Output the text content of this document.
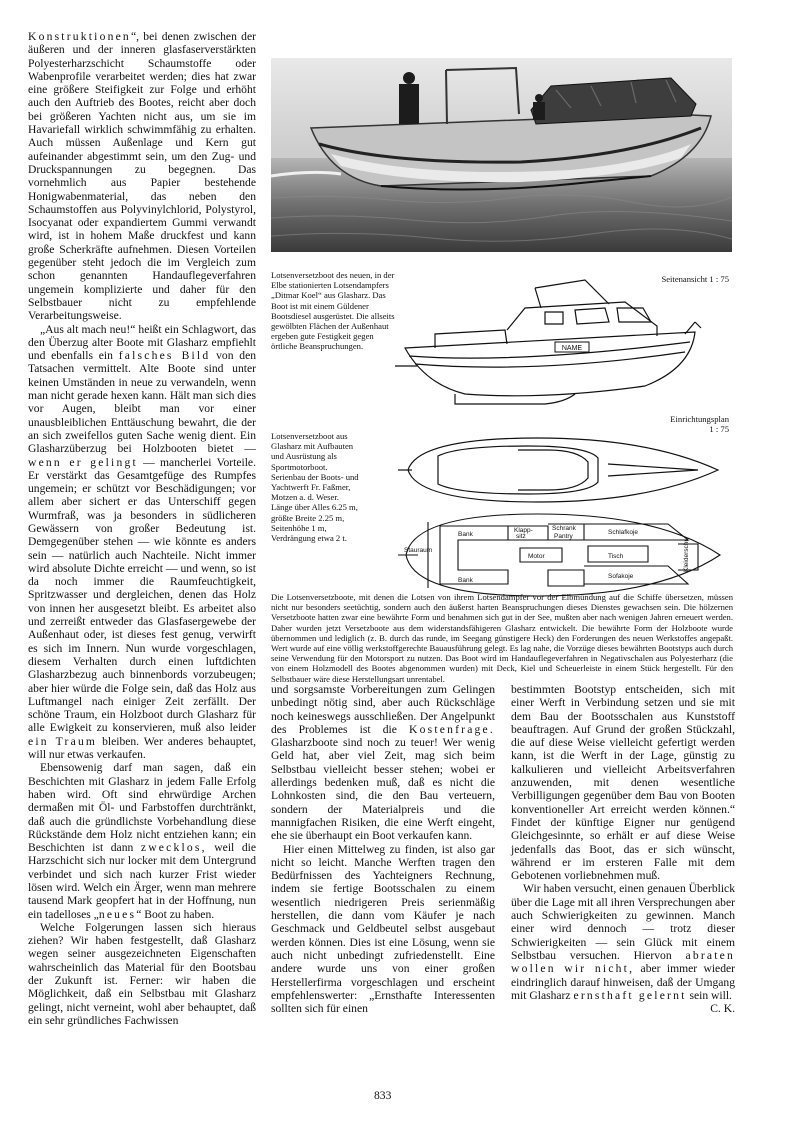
Konstruktionen“, bei denen zwischen der äußeren und der inneren glasfaserverstärkten Polyesterharzschicht Schaumstoffe oder Wabenprofile verarbeitet werden; dies hat zwar eine größere Steifigkeit zur Folge und erhöht auch den Auftrieb des Bootes, reicht aber doch bei größeren Yachten nicht aus, um sie im Havariefall wirklich schwimmfähig zu erhalten. Auch müssen Außenlage und Kern gut aufeinander abgestimmt sein, um den Zug- und Druckspannungen zu begegnen. Das vornehmlich aus Papier bestehende Honigwabenmaterial, das neben den Schaumstoffen aus Polyvinylchlorid, Polystyrol, Isocyanat oder expandiertem Gummi verwandt wird, ist in hohem Maße druckfest und kann große Scherkräfte aufnehmen. Diesen Vorteilen gegenüber steht jedoch die im Vergleich zum schon genannten Handauflegeverfahren ungemein komplizierte und daher für den Selbstbauer nicht zu empfehlende Verarbeitungsweise.

„Aus alt mach neu!“ heißt ein Schlagwort, das den Überzug alter Boote mit Glasharz empfiehlt und ebenfalls ein falsches Bild von den Tatsachen vermittelt. Alte Boote sind unter keinen Umständen in neue zu verwandeln, wenn man nicht gerade hexen kann. Hält man sich dies vor Augen, bleibt man vor einer unausbleiblichen Enttäuschung bewahrt, die der an sich zweifellos guten Sache wenig dient. Ein Glasharzüberzug bei Holzbooten bietet — wenn er gelingt — mancherlei Vorteile. Er verstärkt das Gesamtgefüge des Rumpfes ungemein; er schützt vor Beschädigungen; vor allem aber sichert er das Unterschiff gegen Wurmfraß, was ja besonders in südlicheren Gewässern von großer Bedeutung ist. Demgegenüber stehen — wie könnte es anders sein — natürlich auch Nachteile. Nicht immer wird absolute Dichte erreicht — und wenn, so ist da noch immer die Raumfeuchtigkeit, Spritzwasser und dergleichen, denen das Holz von innen her ausgesetzt bleibt. Es arbeitet also und zerreißt entweder das Glasfasergewebe der Außenhaut oder, ist dieses fest genug, verwirft es sich im Innern. Nun wurde vorgeschlagen, diesem Verhalten durch einen luftdichten Glasharzbezug auch binnenbords vorzubeugen; aber hier würde die Folge sein, daß das Holz aus Luftmangel nach einiger Zeit zerfällt. Der schöne Traum, ein Holzboot durch Glasharz für alle Ewigkeit zu konservieren, muß also leider ein Traum bleiben. Wer anderes behauptet, will nur etwas verkaufen.

Ebensowenig darf man sagen, daß ein Beschichten mit Glasharz in jedem Falle Erfolg haben wird. Oft sind ehrwürdige Archen dermaßen mit Öl- und Farbstoffen durchtränkt, daß auch die gründlichste Vorbehandlung diese Rückstände dem Holz nicht entziehen kann; ein Beschichten ist dann zwecklos, weil die Harzschicht sich nur locker mit dem Untergrund verbindet und sich nach kurzer Frist wieder lösen wird. Welch ein Ärger, wenn man mehrere tausend Mark geopfert hat in der Hoffnung, nun ein tadelloses „neues“ Boot zu haben.

Welche Folgerungen lassen sich hieraus ziehen? Wir haben festgestellt, daß Glasharz wegen seiner ausgezeichneten Eigenschaften wahrscheinlich das Material für den Bootsbau der Zukunft ist. Ferner: wir haben die Möglichkeit, daß ein Selbstbau mit Glasharz gelingt, nicht verneint, wohl aber behauptet, daß ein sehr gründliches Fachwissen

Seitenansicht 1 : 75
NAME
Einrichtungsplan
1 : 75
Bank
Bank
Klapp-
sitz
Schrank
Pantry
Schlafkoje
Motor	Tisch
Stauraum
Sofakoje
Kleiderschr.
Lotsenversetzboot des neuen, in der Elbe stationierten Lotsendampfers „Ditmar Koel“ aus Glasharz. Das Boot ist mit einem Güldener Bootsdiesel ausgerüstet. Die allseits gewölbten Flächen der Außenhaut ergeben gute Festigkeit gegen örtliche Beanspruchungen.
Lotsenversetzboot aus Glasharz mit Aufbauten und Ausrüstung als Sportmotorboot. Serienbau der Boots- und Yachtwerft Fr. Faßmer, Motzen a. d. Weser. Länge über Alles 6.25 m, größte Breite 2.25 m, Seitenhöhe 1 m, Verdrängung etwa 2 t.
Die Lotsenversetzboote, mit denen die Lotsen von ihrem Lotsendampfer vor der Elbmündung auf die Schiffe übersetzen, müssen nicht nur besonders seetüchtig, sondern auch den äußerst harten Beanspruchungen dieses Dienstes gewachsen sein. Die hölzernen Versetzboote hatten zwar eine bewährte Form und benahmen sich gut in der See, mußten aber nach wenigen Jahren erneuert werden. Daher wurden jetzt Versetzboote aus dem widerstandsfähigeren Glasharz entwickelt. Die bewährte Form der Holzboote wurde übernommen und lediglich (z. B. durch das runde, im Seegang günstigere Heck) den Forderungen des neuen Werkstoffes angepaßt. Wert wurde auf eine völlig werkstoffgerechte Bauausführung gelegt. Es lag nahe, die Vorzüge dieses bewährten Bootstyps auch durch seine Verwendung für den Motorsport zu nutzen. Das Boot wird im Handauflegeverfahren in Negativschalen aus Polyesterharz (die von einem Holzmodell des Bootes abgenommen wurden) mit Deck, Kiel und Scheuerleiste in einem Stück hergestellt. Für den Selbstbauer wäre diese Herstellungsart unrentabel.

und sorgsamste Vorbereitungen zum Gelingen unbedingt nötig sind, aber auch Rückschläge noch keineswegs ausschließen. Der Angelpunkt des Problemes ist die Kostenfrage. Glasharzboote sind noch zu teuer! Wer wenig Geld hat, aber viel Zeit, mag sich beim Selbstbau vielleicht besser stehen; wobei er allerdings bedenken muß, daß es nicht die Lohnkosten sind, die den Bau verteuern, sondern der Materialpreis und die mannigfachen Risiken, die eine Werft eingeht, ehe sie überhaupt ein Boot verkaufen kann.

Hier einen Mittelweg zu finden, ist also gar nicht so leicht. Manche Werften tragen den Bedürfnissen des Yachteigners Rechnung, indem sie fertige Bootsschalen zu einem wesentlich niedrigeren Preis serienmäßig herstellen, die dann vom Käufer je nach Geschmack und Geldbeutel selbst ausgebaut werden können. Dies ist eine Lösung, wenn sie auch nicht unbedingt zufriedenstellt. Eine andere wurde uns von einer großen Herstellerfirma vorgeschlagen und erscheint empfehlenswerter: „Ernsthafte Interessenten sollten sich für einen

bestimmten Bootstyp entscheiden, sich mit einer Werft in Verbindung setzen und sie mit dem Bau der Bootsschalen aus Kunststoff beauftragen. Auf Grund der großen Stückzahl, die auf diese Weise vielleicht gefertigt werden kann, ist die Werft in der Lage, günstig zu kalkulieren und vielleicht Arbeitsverfahren anzuwenden, mit denen wesentliche Verbilligungen gegenüber dem Bau von Booten konventioneller Art erreicht werden können.“ Findet der künftige Eigner nur genügend Gleichgesinnte, so erhält er auf diese Weise jedenfalls das Boot, das er sich wünscht, während er im ersteren Falle mit dem Gebotenen vorliebnehmen muß.

Wir haben versucht, einen genauen Überblick über die Lage mit all ihren Versprechungen aber auch Schwierigkeiten zu gewinnen. Manch einer wird dennoch — trotz dieser Schwierigkeiten — sein Glück mit einem Selbstbau versuchen. Hiervon abraten wollen wir nicht, aber immer wieder eindringlich darauf hinweisen, daß der Umgang mit Glasharz ernsthaft gelernt sein will.
C. K.

833
